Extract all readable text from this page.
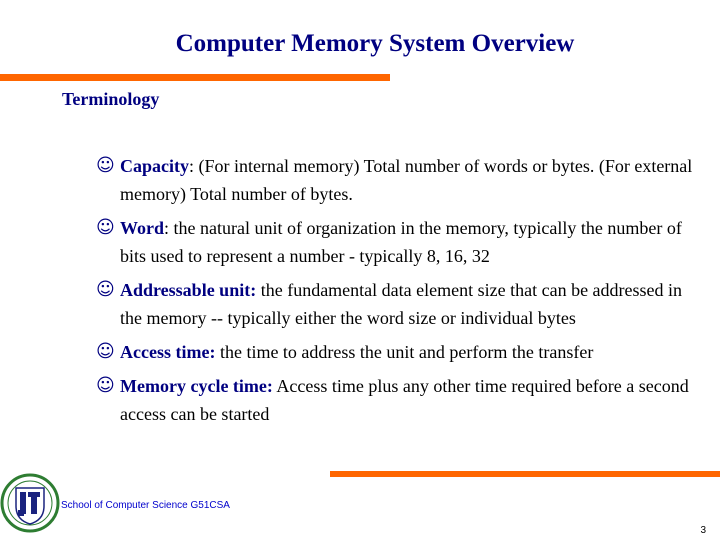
Computer Memory System Overview
Terminology
☺ Capacity: (For internal memory) Total number of words or bytes. (For external memory) Total number of bytes.
☺ Word: the natural unit of organization in the memory, typically the number of bits used to represent a number - typically 8, 16, 32
☺ Addressable unit: the fundamental data element size that can be addressed in the memory -- typically either the word size or individual bytes
☺ Access time: the time to address the unit and perform the transfer
☺ Memory cycle time: Access time plus any other time required before a second access can be started
School of Computer Science G51CSA
3
